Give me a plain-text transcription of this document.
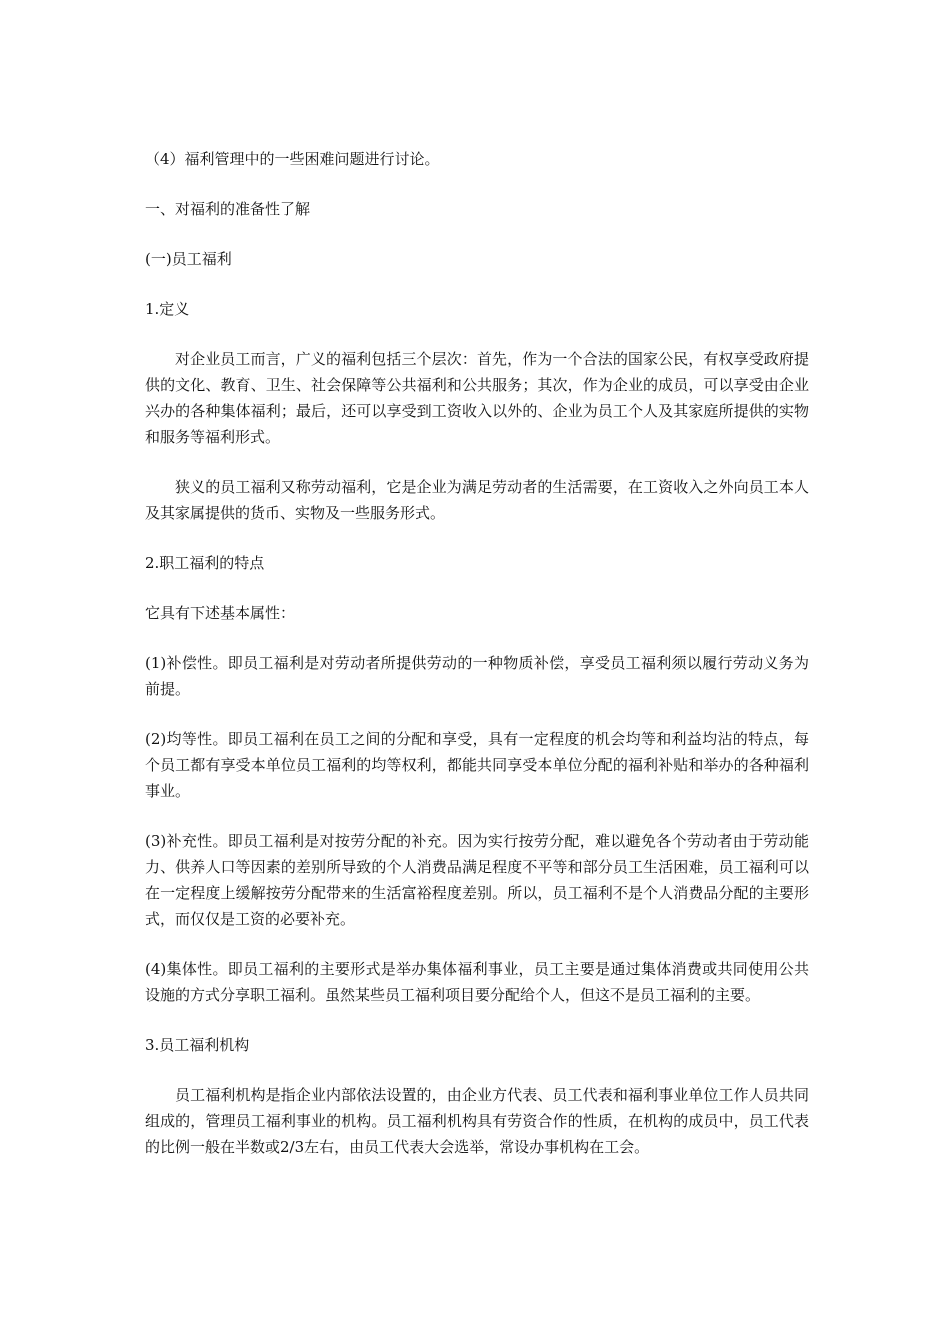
（4）福利管理中的一些困难问题进行讨论。

一、对福利的准备性了解

(一)员工福利

1.定义

对企业员工而言，广义的福利包括三个层次：首先，作为一个合法的国家公民，有权享受政府提供的文化、教育、卫生、社会保障等公共福利和公共服务；其次，作为企业的成员，可以享受由企业兴办的各种集体福利；最后，还可以享受到工资收入以外的、企业为员工个人及其家庭所提供的实物和服务等福利形式。

狭义的员工福利又称劳动福利，它是企业为满足劳动者的生活需要，在工资收入之外向员工本人及其家属提供的货币、实物及一些服务形式。

2.职工福利的特点

它具有下述基本属性：

(1)补偿性。即员工福利是对劳动者所提供劳动的一种物质补偿，享受员工福利须以履行劳动义务为前提。

(2)均等性。即员工福利在员工之间的分配和享受，具有一定程度的机会均等和利益均沾的特点，每个员工都有享受本单位员工福利的均等权利，都能共同享受本单位分配的福利补贴和举办的各种福利事业。

(3)补充性。即员工福利是对按劳分配的补充。因为实行按劳分配，难以避免各个劳动者由于劳动能力、供养人口等因素的差别所导致的个人消费品满足程度不平等和部分员工生活困难，员工福利可以在一定程度上缓解按劳分配带来的生活富裕程度差别。所以，员工福利不是个人消费品分配的主要形式，而仅仅是工资的必要补充。

(4)集体性。即员工福利的主要形式是举办集体福利事业，员工主要是通过集体消费或共同使用公共设施的方式分享职工福利。虽然某些员工福利项目要分配给个人，但这不是员工福利的主要。

3.员工福利机构

员工福利机构是指企业内部依法设置的，由企业方代表、员工代表和福利事业单位工作人员共同组成的，管理员工福利事业的机构。员工福利机构具有劳资合作的性质，在机构的成员中，员工代表的比例一般在半数或2/3左右，由员工代表大会选举，常设办事机构在工会。
